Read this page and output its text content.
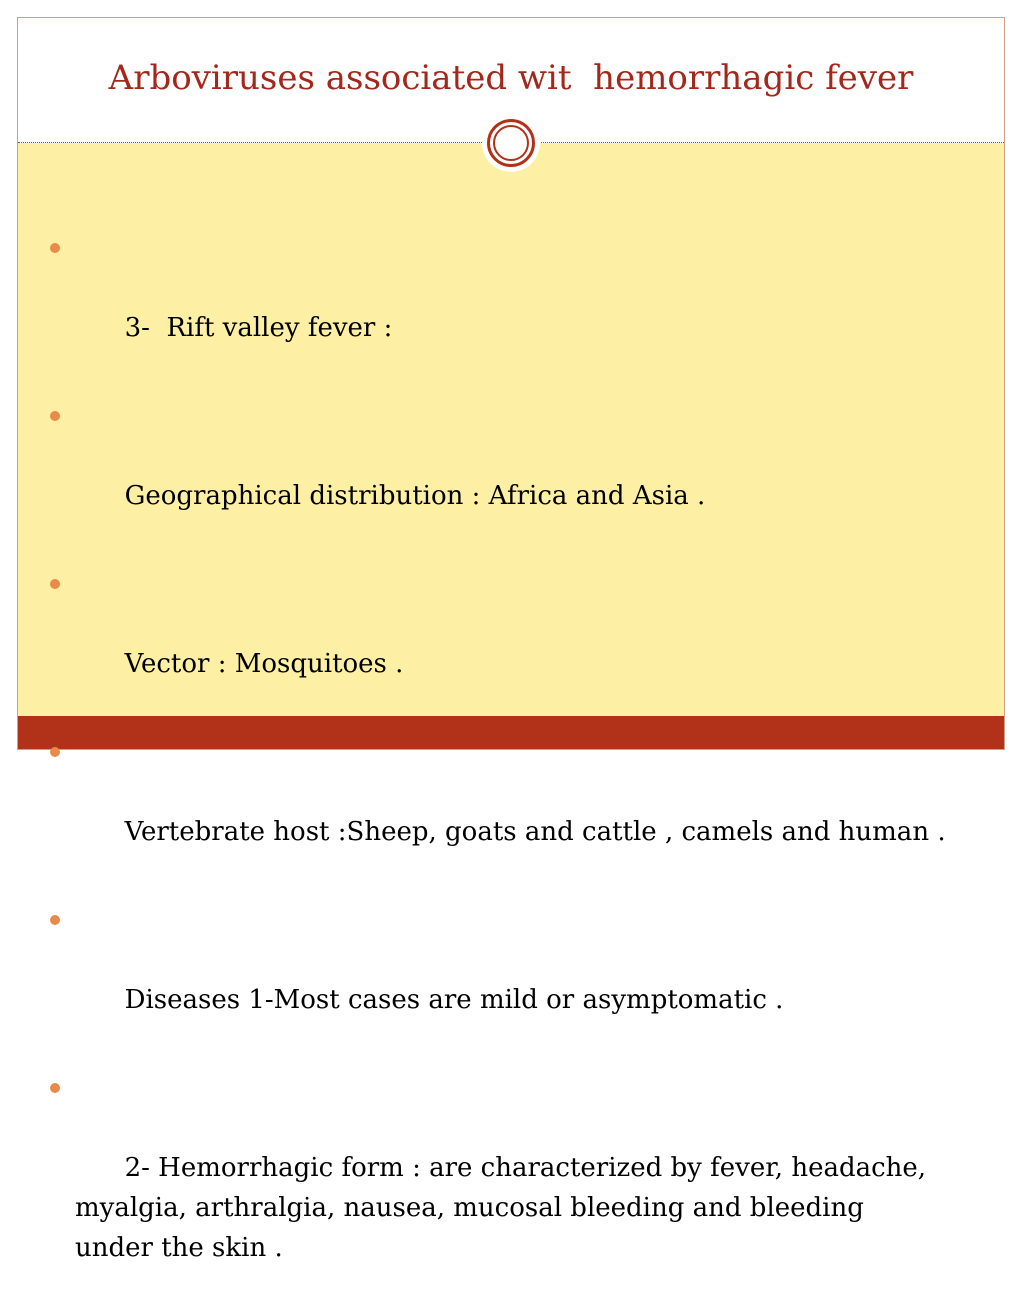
Arboviruses associated wit  hemorrhagic fever

3-  Rift valley fever :

Geographical distribution : Africa and Asia .

Vector : Mosquitoes .

Vertebrate host :Sheep, goats and cattle , camels and human .

Diseases 1-Most cases are mild or asymptomatic .

2- Hemorrhagic form : are characterized by fever, headache, myalgia, arthralgia, nausea, mucosal bleeding and bleeding under the skin .
